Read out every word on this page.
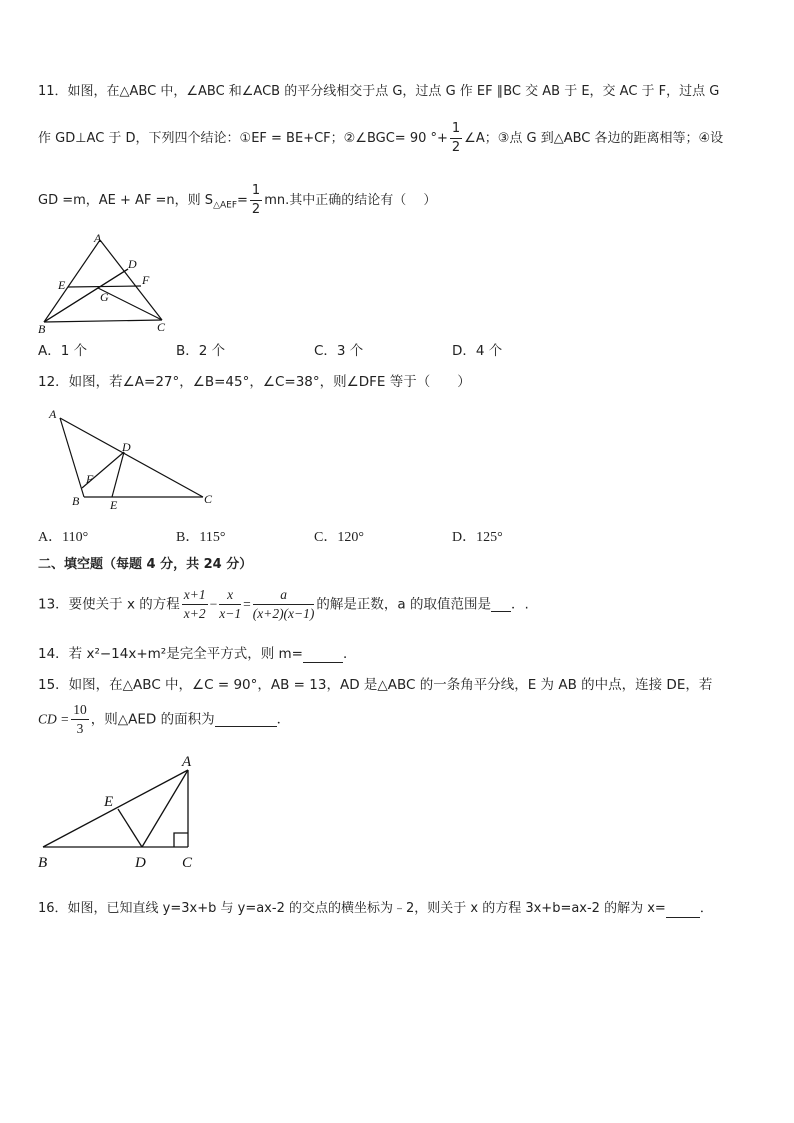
11．如图，在△ABC 中，∠ABC 和∠ACB 的平分线相交于点 G，过点 G 作 EF ∥BC 交 AB 于 E，交 AC 于 F，过点 G
作 GD⊥AC 于 D，下列四个结论：①EF = BE+CF；②∠BGC= 90 °+ $\frac{1}{2}$ ∠A；③点 G 到△ABC 各边的距离相等；④设
GD =m，AE + AF =n，则 $S_{\triangle AEF}= \frac{1}{2}$ mn.其中正确的结论有（　 ）
A
D
E	F
G
B	C
A．1 个	B．2 个	C．3 个	D．4 个
12．如图，若∠A=27°，∠B=45°，∠C=38°，则∠DFE 等于（　　）
A
D
F
B	E	C
A．110°	B．115°	C．120°	D．125°
二、填空题（每题 4 分，共 24 分）
13．要使关于 x 的方程 $\frac{x+1}{x+2} - \frac{x}{x-1} = \frac{a}{(x+2)(x-1)}$ 的解是正数，a 的取值范围是 ．.
14．若 x²−14x+m²是完全平方式，则 m=	．
15．如图，在△ABC 中，∠C = 90°，AB = 13，AD 是△ABC 的一条角平分线，E 为 AB 的中点，连接 DE，若
CD = $\frac{10}{3}$ ，则△AED 的面积为	．
A
E
B	D C
16．如图，已知直线 y=3x+b 与 y=ax-2 的交点的横坐标为﹣2，则关于 x 的方程 3x+b=ax-2 的解为 x=	．
